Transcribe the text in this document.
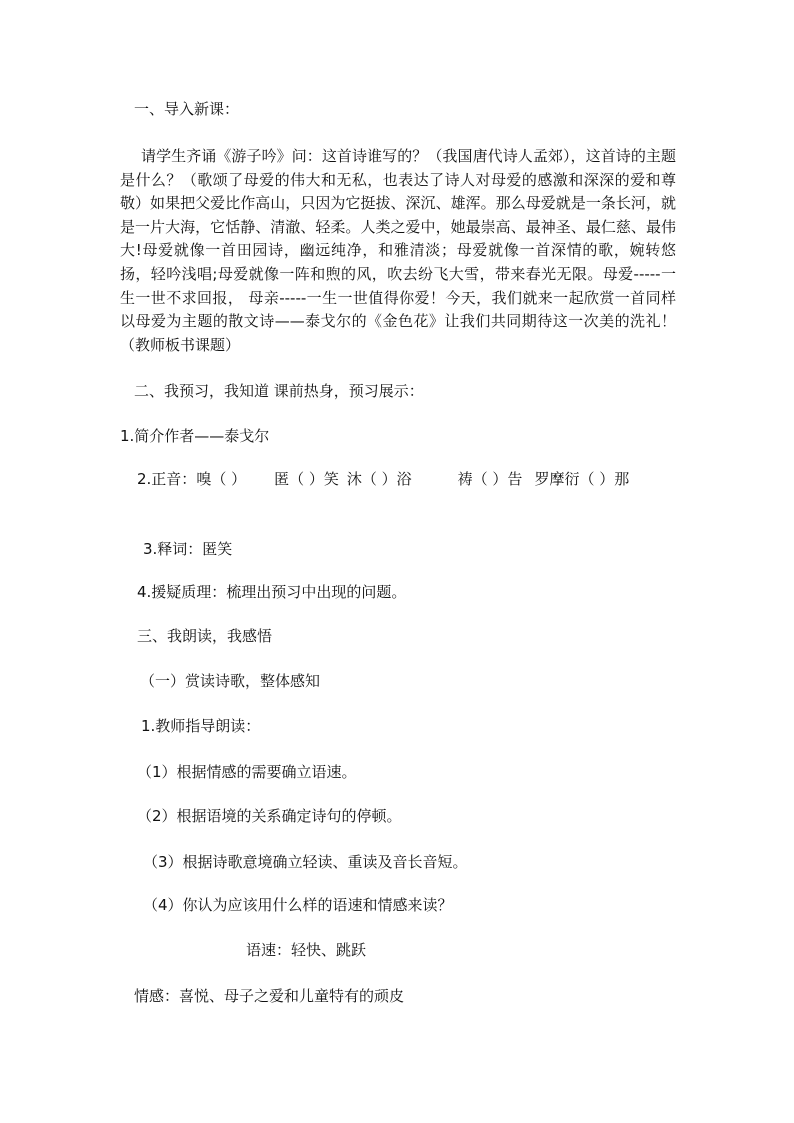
一、导入新课：
请学生齐诵《游子吟》问：这首诗谁写的？（我国唐代诗人孟郊），这首诗的主题是什么？（歌颂了母爱的伟大和无私，也表达了诗人对母爱的感激和深深的爱和尊敬）如果把父爱比作高山，只因为它挺拔、深沉、雄浑。那么母爱就是一条长河，就是一片大海，它恬静、清澈、轻柔。人类之爱中，她最崇高、最神圣、最仁慈、最伟大!母爱就像一首田园诗，幽远纯净，和雅清淡；母爱就像一首深情的歌，婉转悠扬，轻吟浅唱;母爱就像一阵和煦的风，吹去纷飞大雪，带来春光无限。母爱-----一生一世不求回报， 母亲-----一生一世值得你爱！今天，我们就来一起欣赏一首同样以母爱为主题的散文诗——泰戈尔的《金色花》让我们共同期待这一次美的洗礼！（教师板书课题）
二、我预习，我知道 课前热身，预习展示：
1.简介作者——泰戈尔
2.正音：嗅（ ） 匿（ ）笑 沐（ ）浴	祷（ ）告 罗摩衍（ ）那
3.释词：匿笑
4.援疑质理：梳理出预习中出现的问题。
三、我朗读，我感悟
（一）赏读诗歌，整体感知
1.教师指导朗读：
（1）根据情感的需要确立语速。
（2）根据语境的关系确定诗句的停顿。
（3）根据诗歌意境确立轻读、重读及音长音短。
（4）你认为应该用什么样的语速和情感来读？
语速：轻快、跳跃
情感：喜悦、母子之爱和儿童特有的顽皮
